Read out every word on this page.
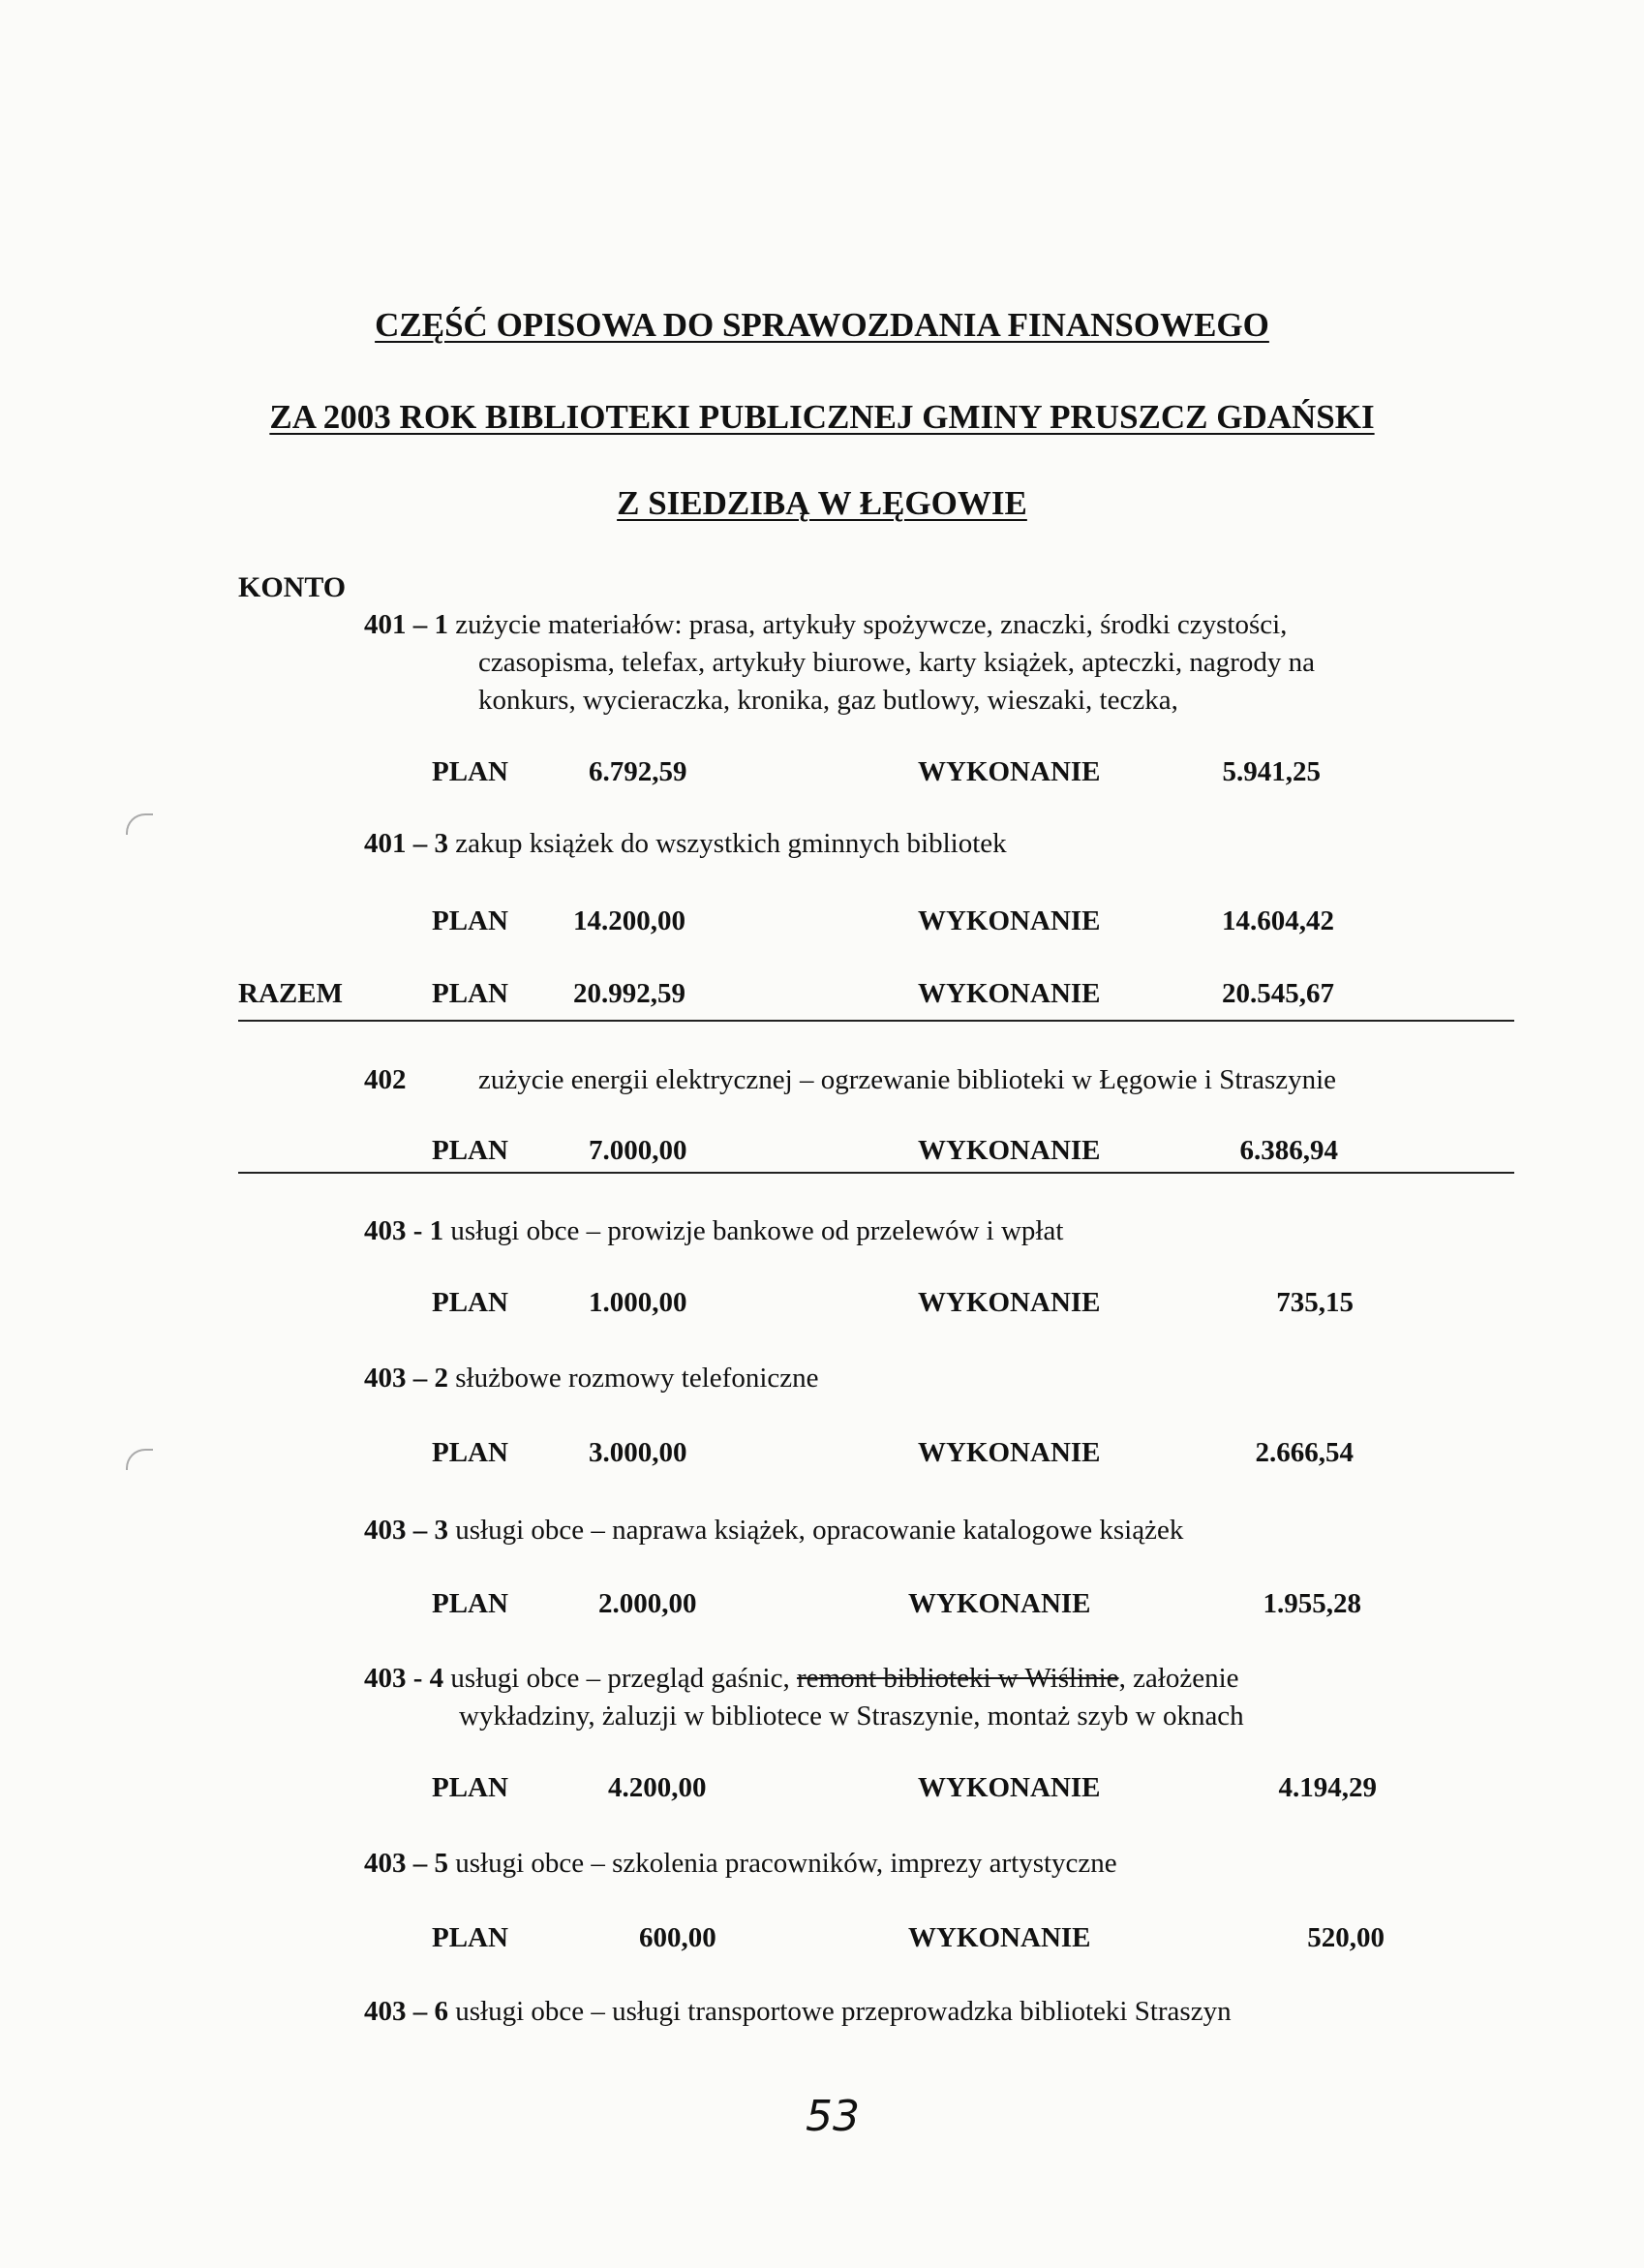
CZĘŚĆ OPISOWA DO SPRAWOZDANIA FINANSOWEGO
ZA 2003 ROK BIBLIOTEKI PUBLICZNEJ GMINY PRUSZCZ GDAŃSKI
Z SIEDZIBĄ W ŁĘGOWIE
KONTO
401 – 1 zużycie materiałów: prasa, artykuły spożywcze, znaczki, środki czystości,
czasopisma, telefax, artykuły biurowe, karty książek, apteczki, nagrody na
konkurs, wycieraczka, kronika, gaz butlowy, wieszaki, teczka,
PLAN	6.792,59	WYKONANIE	5.941,25
401 – 3 zakup książek do wszystkich gminnych bibliotek
PLAN 14.200,00	WYKONANIE	14.604,42
RAZEM	PLAN 20.992,59	WYKONANIE	20.545,67
402	zużycie energii elektrycznej – ogrzewanie biblioteki w Łęgowie i Straszynie
PLAN	7.000,00	WYKONANIE	6.386,94
403 - 1 usługi obce – prowizje bankowe od przelewów i wpłat
PLAN	1.000,00	WYKONANIE	735,15
403 – 2 służbowe rozmowy telefoniczne
PLAN	3.000,00	WYKONANIE	2.666,54
403 – 3 usługi obce – naprawa książek, opracowanie katalogowe książek
PLAN	2.000,00	WYKONANIE	1.955,28
403 - 4 usługi obce – przegląd gaśnic, remont biblioteki w Wiślinie, założenie
wykładziny, żaluzji w bibliotece w Straszynie, montaż szyb w oknach
PLAN	4.200,00	WYKONANIE	4.194,29
403 – 5 usługi obce – szkolenia pracowników, imprezy artystyczne
PLAN	600,00	WYKONANIE	520,00
403 – 6 usługi obce – usługi transportowe przeprowadzka biblioteki Straszyn
53
